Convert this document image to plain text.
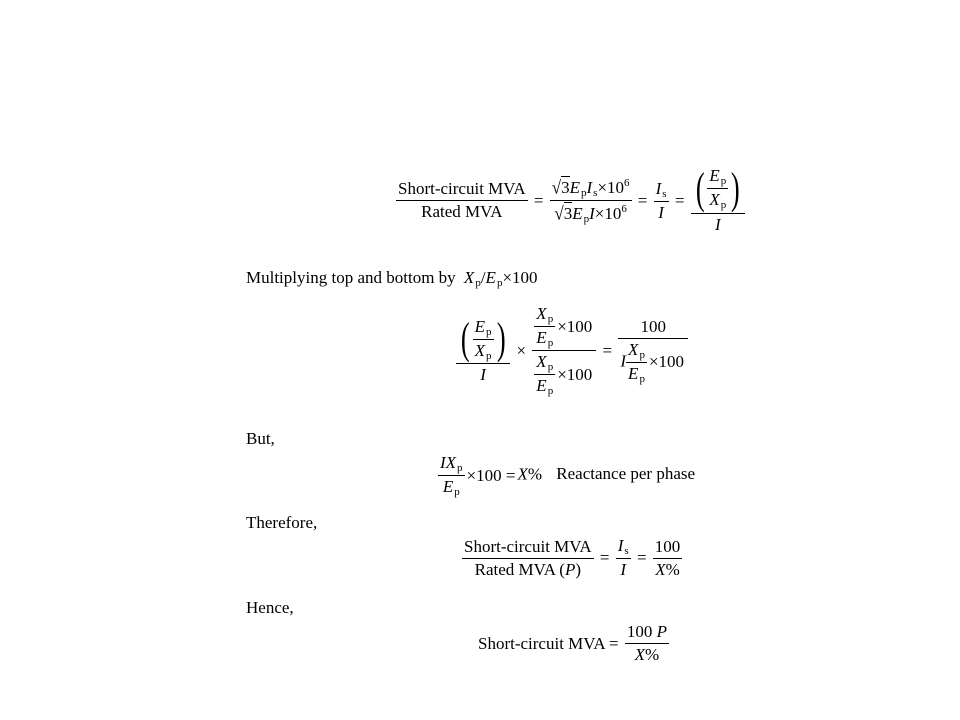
$\frac{\text{Short-circuit MVA}}{\text{Rated MVA}} = \frac{√3E_pI_s\times 10^6}{√3E_pI\times 10^6} = \frac{I_s}{I} = \frac{( \frac{E_p}{X_p} )}{I}$
Multiplying top and bottom by $X_p/E_p\times 100$
$\frac{( \frac{E_p}{X_p} )}{I} \times \frac{\frac{X_p}{E_p} \times 100}{\frac{X_p}{E_p} \times 100} = \frac{100}{I \frac{X_p}{E_p} \times 100}$
But,
$\frac{IX_p}{E_p} \times 100 =X\%$ Reactance per phase
Therefore,
$\frac{\text{Short-circuit MVA}}{\text{Rated MVA (P)}} = \frac{I_s}{I} = \frac{100}{X\%}$
Hence,
Short-circuit MVA = $\frac{100 P}{X\%}$
